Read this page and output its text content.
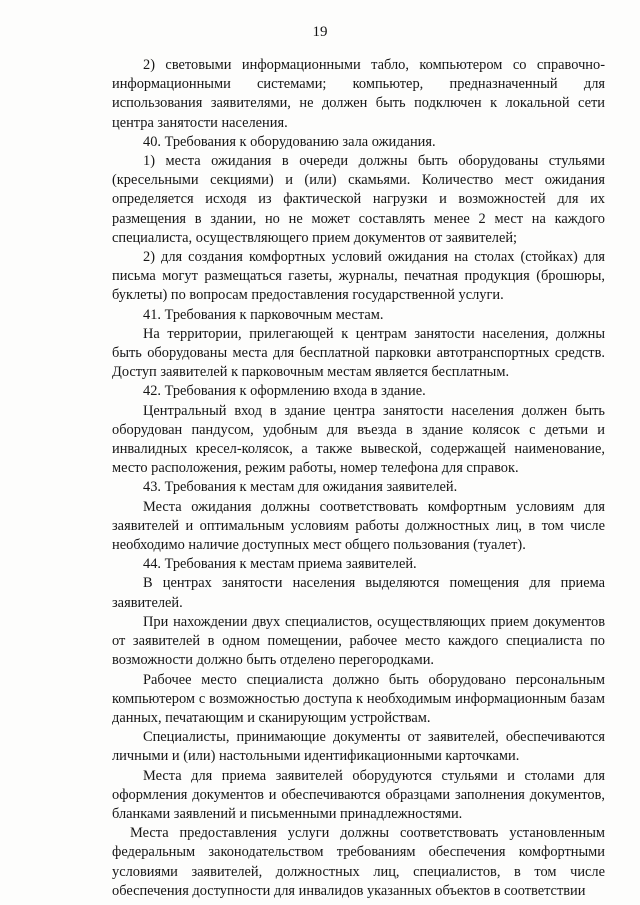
19

2) световыми информационными табло, компьютером со справочно-информационными системами; компьютер, предназначенный для использования заявителями, не должен быть подключен к локальной сети центра занятости населения.

40. Требования к оборудованию зала ожидания.

1) места ожидания в очереди должны быть оборудованы стульями (кресельными секциями) и (или) скамьями. Количество мест ожидания определяется исходя из фактической нагрузки и возможностей для их размещения в здании, но не может составлять менее 2 мест на каждого специалиста, осуществляющего прием документов от заявителей;

2) для создания комфортных условий ожидания на столах (стойках) для письма могут размещаться газеты, журналы, печатная продукция (брошюры, буклеты) по вопросам предоставления государственной услуги.

41. Требования к парковочным местам.

На территории, прилегающей к центрам занятости населения, должны быть оборудованы места для бесплатной парковки автотранспортных средств. Доступ заявителей к парковочным местам является бесплатным.

42. Требования к оформлению входа в здание.

Центральный вход в здание центра занятости населения должен быть оборудован пандусом, удобным для въезда в здание колясок с детьми и инвалидных кресел-колясок, а также вывеской, содержащей наименование, место расположения, режим работы, номер телефона для справок.

43. Требования к местам для ожидания заявителей.

Места ожидания должны соответствовать комфортным условиям для заявителей и оптимальным условиям работы должностных лиц, в том числе необходимо наличие доступных мест общего пользования (туалет).

44. Требования к местам приема заявителей.

В центрах занятости населения выделяются помещения для приема заявителей.

При нахождении двух специалистов, осуществляющих прием документов от заявителей в одном помещении, рабочее место каждого специалиста по возможности должно быть отделено перегородками.

Рабочее место специалиста должно быть оборудовано персональным компьютером с возможностью доступа к необходимым информационным базам данных, печатающим и сканирующим устройствам.

Специалисты, принимающие документы от заявителей, обеспечиваются личными и (или) настольными идентификационными карточками.

Места для приема заявителей оборудуются стульями и столами для оформления документов и обеспечиваются образцами заполнения документов, бланками заявлений и письменными принадлежностями.

Места предоставления услуги должны соответствовать установленным федеральным законодательством требованиям обеспечения комфортными условиями заявителей, должностных лиц, специалистов, в том числе обеспечения доступности для инвалидов указанных объектов в соответствии
